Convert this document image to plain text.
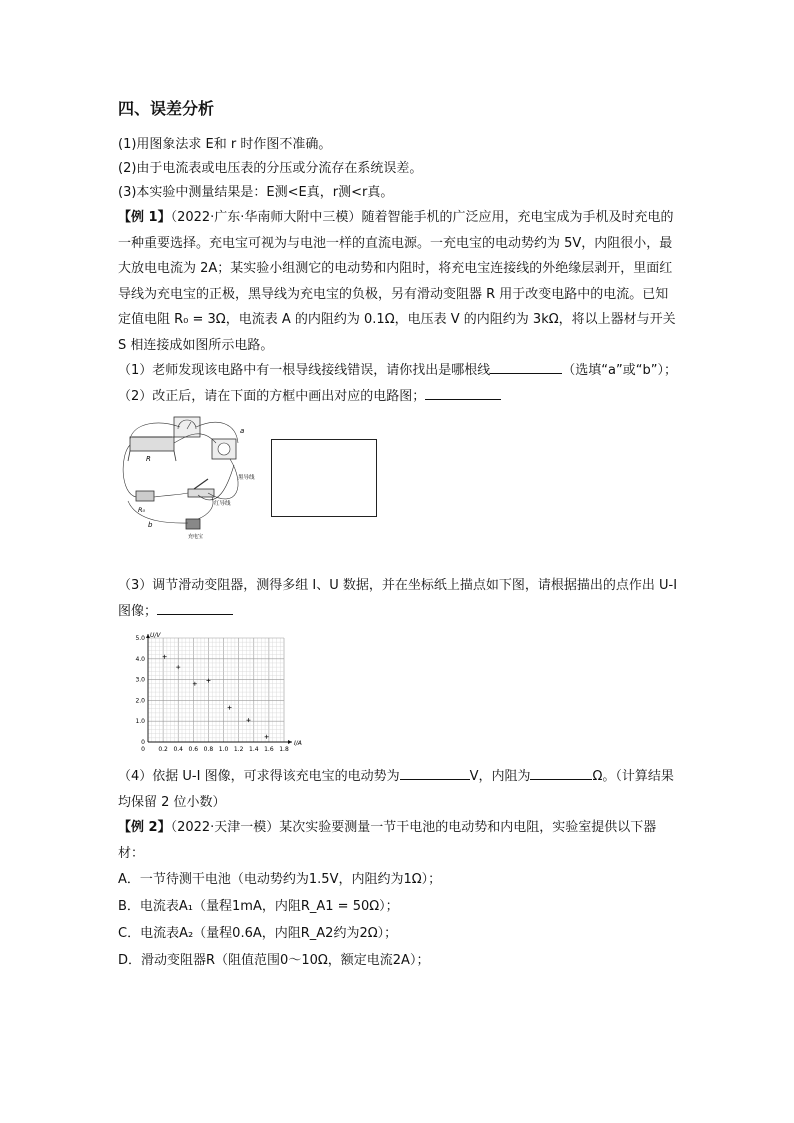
四、误差分析
(1)用图象法求 E和 r 时作图不准确。
(2)由于电流表或电压表的分压或分流存在系统误差。
(3)本实验中测量结果是：E测<E真，r测<r真。

【例 1】（2022·广东·华南师大附中三模）随着智能手机的广泛应用，充电宝成为手机及时充电的一种重要选择。充电宝可视为与电池一样的直流电源。一充电宝的电动势约为 5V，内阻很小，最大放电电流为 2A；某实验小组测它的电动势和内阻时，将充电宝连接线的外绝缘层剥开，里面红导线为充电宝的正极，黑导线为充电宝的负极，另有滑动变阻器 R 用于改变电路中的电流。已知定值电阻 R₀ = 3Ω，电流表 A 的内阻约为 0.1Ω，电压表 V 的内阻约为 3kΩ，将以上器材与开关 S 相连接成如图所示电路。

（1）老师发现该电路中有一根导线接线错误，请你找出是哪根线	（选填“a”或“b”）；

（2）改正后，请在下面的方框中画出对应的电路图；

R
R₀
充电宝
a
b
黑导线
红导线

（3）调节滑动变阻器，测得多组 I、U 数据，并在坐标纸上描点如下图，请根据描出的点作出 U-I 图像；

0.2 0.4 0.6 0.8 1.0 1.2 1.4 1.6 1.8
0
1.0
2.0
3.0
4.0
5.0
0
I/A
U/V

（4）依据 U-I 图像，可求得该充电宝的电动势为	V，内阻为	Ω。（计算结果均保留 2 位小数）

【例 2】（2022·天津一模）某次实验要测量一节干电池的电动势和内电阻，实验室提供以下器材：

A．一节待测干电池（电动势约为1.5V，内阻约为1Ω）；

B．电流表A₁（量程1mA，内阻R_A1 = 50Ω）；

C．电流表A₂（量程0.6A，内阻R_A2约为2Ω）；

D．滑动变阻器R（阻值范围0～10Ω，额定电流2A）；
